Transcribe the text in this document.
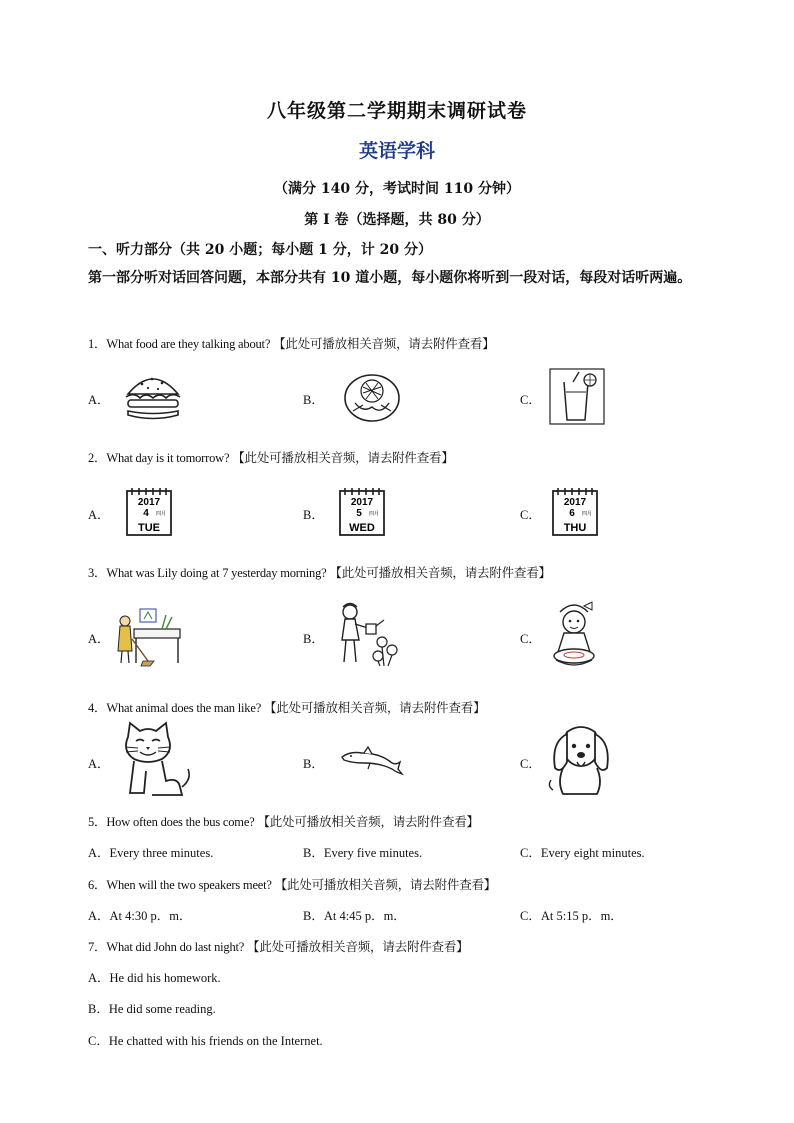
八年级第二学期期末调研试卷
英语学科
（满分 140 分，考试时间 110 分钟）
第 I 卷（选择题，共 80 分）
一、听力部分（共 20 小题；每小题 1 分，计 20 分）
第一部分听对话回答问题，本部分共有 10 道小题，每小题你将听到一段对话，每段对话听两遍。
1．What food are they talking about? 【此处可播放相关音频，请去附件查看】
A．	B．	C．
2．What day is it tomorrow? 【此处可播放相关音频，请去附件查看】
A．	B．	C．
2017
4 四月
TUE
2017
5 四月
WED
2017
6 四月
THU
3．What was Lily doing at 7 yesterday morning? 【此处可播放相关音频，请去附件查看】
A．	B．	C．
4．What animal does the man like? 【此处可播放相关音频，请去附件查看】
A．	B．	C．
5．How often does the bus come? 【此处可播放相关音频，请去附件查看】
A．Every three minutes.	B．Every five minutes.	C．Every eight minutes.
6．When will the two speakers meet? 【此处可播放相关音频，请去附件查看】
A．At 4:30 p．m．	B．At 4:45 p．m．	C．At 5:15 p．m．
7．What did John do last night? 【此处可播放相关音频，请去附件查看】
A．He did his homework.
B．He did some reading.
C．He chatted with his friends on the Internet.
